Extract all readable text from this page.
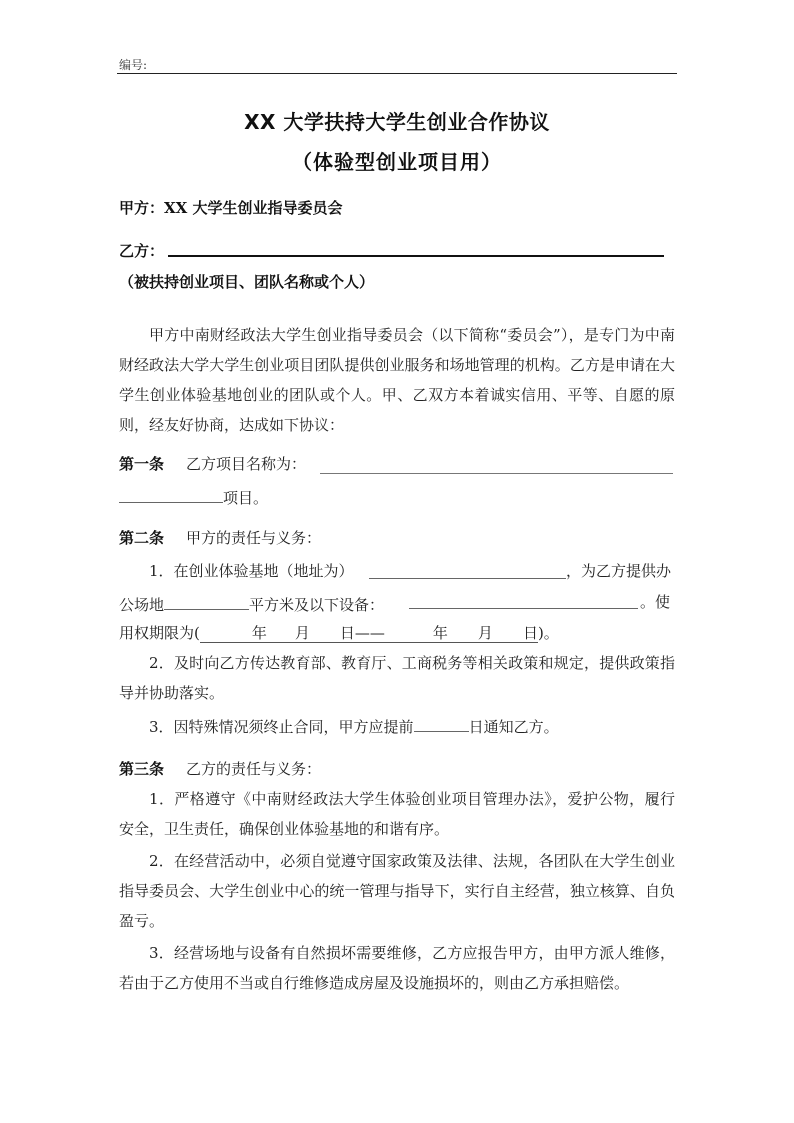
编号:
XX 大学扶持大学生创业合作协议
（体验型创业项目用）
甲方：XX 大学生创业指导委员会
乙方：
（被扶持创业项目、团队名称或个人）
甲方中南财经政法大学生创业指导委员会（以下简称“委员会”），是专门为中南财经政法大学大学生创业项目团队提供创业服务和场地管理的机构。乙方是申请在大学生创业体验基地创业的团队或个人。甲、乙双方本着诚实信用、平等、自愿的原则，经友好协商，达成如下协议：
第一条 乙方项目名称为：
项目。
第二条 甲方的责任与义务：
1．在创业体验基地（地址为）	，为乙方提供办
公场地	平方米及以下设备：	。使
用权期限为(	年 月 日——	年 月 日)。
2．及时向乙方传达教育部、教育厅、工商税务等相关政策和规定，提供政策指导并协助落实。
3．因特殊情况须终止合同，甲方应提前	日通知乙方。
第三条 乙方的责任与义务：
1．严格遵守《中南财经政法大学生体验创业项目管理办法》，爱护公物，履行安全，卫生责任，确保创业体验基地的和谐有序。
2．在经营活动中，必须自觉遵守国家政策及法律、法规，各团队在大学生创业指导委员会、大学生创业中心的统一管理与指导下，实行自主经营，独立核算、自负盈亏。
3．经营场地与设备有自然损坏需要维修，乙方应报告甲方，由甲方派人维修，若由于乙方使用不当或自行维修造成房屋及设施损坏的，则由乙方承担赔偿。
